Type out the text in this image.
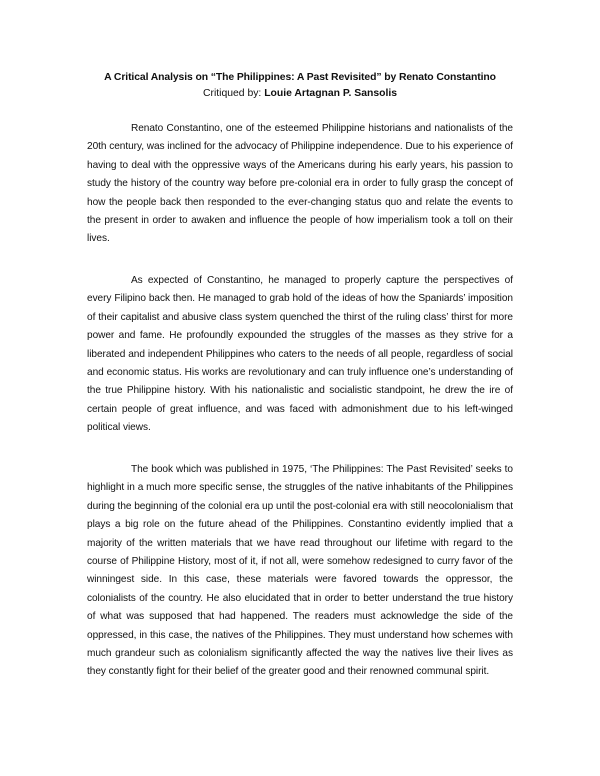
A Critical Analysis on “The Philippines: A Past Revisited” by Renato Constantino
Critiqued by: Louie Artagnan P. Sansolis

Renato Constantino, one of the esteemed Philippine historians and nationalists of the 20th century, was inclined for the advocacy of Philippine independence. Due to his experience of having to deal with the oppressive ways of the Americans during his early years, his passion to study the history of the country way before pre-colonial era in order to fully grasp the concept of how the people back then responded to the ever-changing status quo and relate the events to the present in order to awaken and influence the people of how imperialism took a toll on their lives.

As expected of Constantino, he managed to properly capture the perspectives of every Filipino back then. He managed to grab hold of the ideas of how the Spaniards’ imposition of their capitalist and abusive class system quenched the thirst of the ruling class’ thirst for more power and fame. He profoundly expounded the struggles of the masses as they strive for a liberated and independent Philippines who caters to the needs of all people, regardless of social and economic status. His works are revolutionary and can truly influence one’s understanding of the true Philippine history. With his nationalistic and socialistic standpoint, he drew the ire of certain people of great influence, and was faced with admonishment due to his left-winged political views.

The book which was published in 1975, ‘The Philippines: The Past Revisited’ seeks to highlight in a much more specific sense, the struggles of the native inhabitants of the Philippines during the beginning of the colonial era up until the post-colonial era with still neocolonialism that plays a big role on the future ahead of the Philippines. Constantino evidently implied that a majority of the written materials that we have read throughout our lifetime with regard to the course of Philippine History, most of it, if not all, were somehow redesigned to curry favor of the winningest side. In this case, these materials were favored towards the oppressor, the colonialists of the country. He also elucidated that in order to better understand the true history of what was supposed that had happened. The readers must acknowledge the side of the oppressed, in this case, the natives of the Philippines. They must understand how schemes with much grandeur such as colonialism significantly affected the way the natives live their lives as they constantly fight for their belief of the greater good and their renowned communal spirit.
